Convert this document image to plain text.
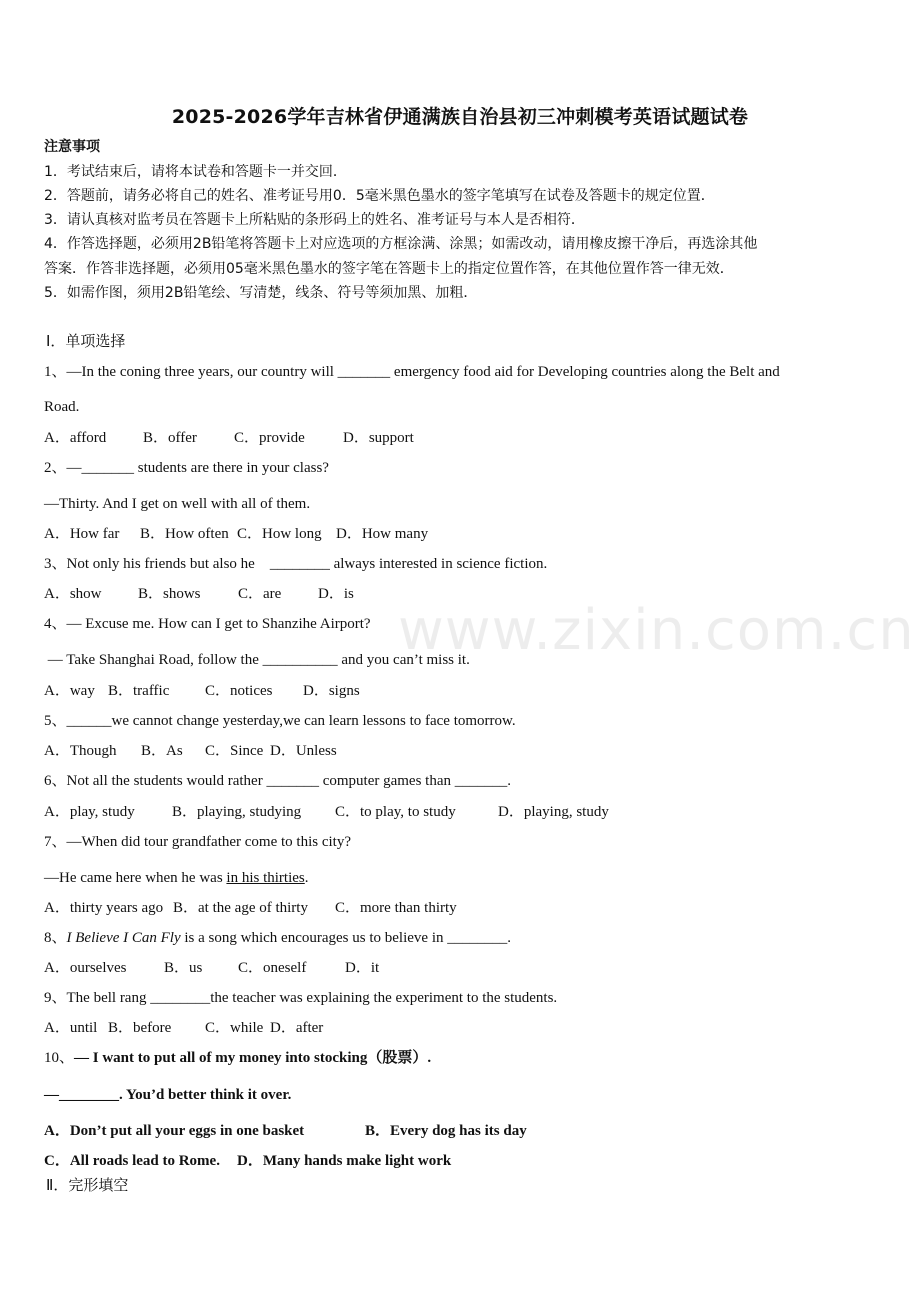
www.zixin.com.cn
2025-2026学年吉林省伊通满族自治县初三冲刺模考英语试题试卷
注意事项
1．考试结束后，请将本试卷和答题卡一并交回．
2．答题前，请务必将自己的姓名、准考证号用0．5毫米黑色墨水的签字笔填写在试卷及答题卡的规定位置．
3．请认真核对监考员在答题卡上所粘贴的条形码上的姓名、准考证号与本人是否相符．
4．作答选择题，必须用2B铅笔将答题卡上对应选项的方框涂满、涂黑；如需改动，请用橡皮擦干净后，再选涂其他
答案．作答非选择题，必须用05毫米黑色墨水的签字笔在答题卡上的指定位置作答，在其他位置作答一律无效．
5．如需作图，须用2B铅笔绘、写清楚，线条、符号等须加黑、加粗．
Ⅰ．单项选择
1、—In the coning three years, our country will _______ emergency food aid for Developing countries along the Belt and
Road.
A．afford B．offer C．provide	D．support
2、—_______ students are there in your class?
—Thirty. And I get on well with all of them.
A．How far B．How often C．How long D．How many
3、Not only his friends but also he    ________ always interested in science fiction.
A．show B．shows C．are D．is
4、— Excuse me. How can I get to Shanzihe Airport?
— Take Shanghai Road, follow the __________ and you can’t miss it.
A．way B．traffic C．notices D．signs
5、______we cannot change yesterday,we can learn lessons to face tomorrow.
A．Though B．As C．Since D．Unless
6、Not all the students would rather _______ computer games than _______.
A．play, study B．playing, studying C．to play, to study	D．playing, study
7、—When did tour grandfather come to this city?
—He came here when he was in his thirties.
A．thirty years ago B．at the age of thirty C．more than thirty
8、I Believe I Can Fly is a song which encourages us to believe in ________.
A．ourselves	B．us C．oneself	D．it
9、The bell rang ________the teacher was explaining the experiment to the students.
A．until B．before C．while D．after
10、— I want to put all of my money into stocking（股票）.
—________. You’d better think it over.
A．Don’t put all your eggs in one basket	B．Every dog has its day
C．All roads lead to Rome. D．Many hands make light work
Ⅱ．完形填空
